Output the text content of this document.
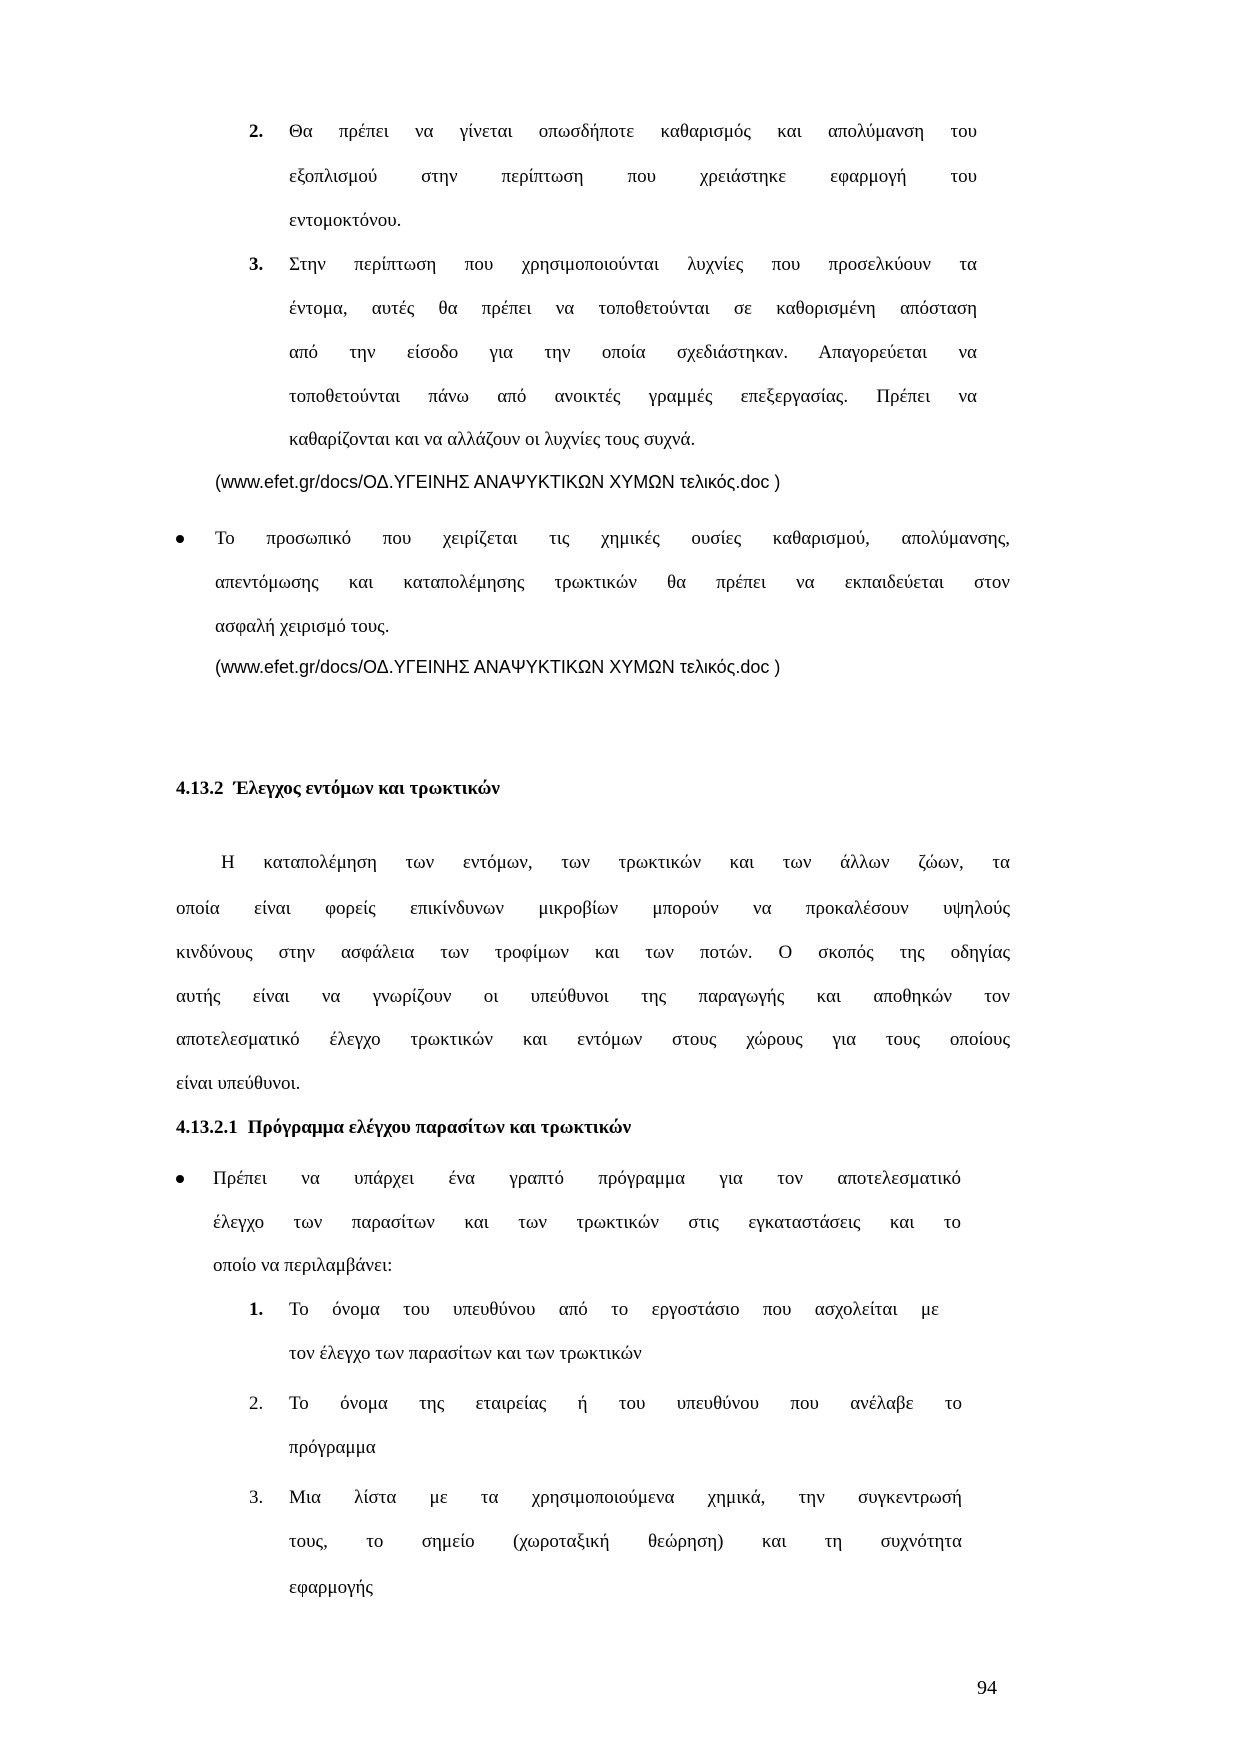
2. Θα πρέπει να γίνεται οπωσδήποτε καθαρισμός και απολύμανση του
εξοπλισμού στην περίπτωση που χρειάστηκε εφαρμογή του
εντομοκτόνου.
3. Στην περίπτωση που χρησιμοποιούνται λυχνίες που προσελκύουν τα
έντομα, αυτές θα πρέπει να τοποθετούνται σε καθορισμένη απόσταση
από την είσοδο για την οποία σχεδιάστηκαν. Απαγορεύεται να
τοποθετούνται πάνω από ανοικτές γραμμές επεξεργασίας. Πρέπει να
καθαρίζονται και να αλλάζουν οι λυχνίες τους συχνά.
(www.efet.gr/docs/ΟΔ.ΥΓΕΙΝΗΣ ΑΝΑΨΥΚΤΙΚΩΝ ΧΥΜΩΝ τελικός.doc )
Το προσωπικό που χειρίζεται τις χημικές ουσίες καθαρισμού, απολύμανσης,
απεντόμωσης και καταπολέμησης τρωκτικών θα πρέπει να εκπαιδεύεται στον
ασφαλή χειρισμό τους.
(www.efet.gr/docs/ΟΔ.ΥΓΕΙΝΗΣ ΑΝΑΨΥΚΤΙΚΩΝ ΧΥΜΩΝ τελικός.doc )
4.13.2 Έλεγχος εντόμων και τρωκτικών
Η καταπολέμηση των εντόμων, των τρωκτικών και των άλλων ζώων, τα
οποία είναι φορείς επικίνδυνων μικροβίων μπορούν να προκαλέσουν υψηλούς
κινδύνους στην ασφάλεια των τροφίμων και των ποτών. Ο σκοπός της οδηγίας
αυτής είναι να γνωρίζουν οι υπεύθυνοι της παραγωγής και αποθηκών τον
αποτελεσματικό έλεγχο τρωκτικών και εντόμων στους χώρους για τους οποίους
είναι υπεύθυνοι.
4.13.2.1 Πρόγραμμα ελέγχου παρασίτων και τρωκτικών
Πρέπει να υπάρχει ένα γραπτό πρόγραμμα για τον αποτελεσματικό
έλεγχο των παρασίτων και των τρωκτικών στις εγκαταστάσεις και το
οποίο να περιλαμβάνει:
1. Το όνομα του υπευθύνου από το εργοστάσιο που ασχολείται με
τον έλεγχο των παρασίτων και των τρωκτικών
2. Το όνομα της εταιρείας ή του υπευθύνου που ανέλαβε το
πρόγραμμα
3. Μια λίστα με τα χρησιμοποιούμενα χημικά, την συγκεντρωσή
τους, το σημείο (χωροταξική θεώρηση) και τη συχνότητα
εφαρμογής
94
